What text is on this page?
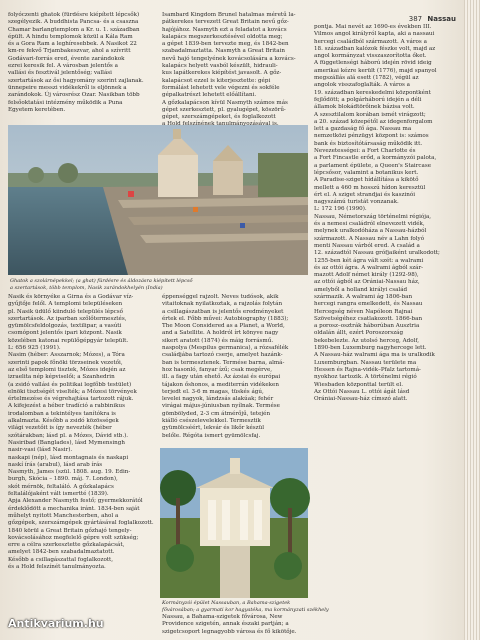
387 Nassau
folyóczenti ghatok (fürdésre kiépített lépcsők)
szegélyezik. A buddhista Pancsa- és a csaszna
Chamar barlangtemplom a Kr. u. 1. században
épült. A hindu templomok közül a Kála Ram
és a Gora Ram a leghíresebbek. A Nasikot 22
km-re fekvő Trjambakeszvar, ahol a szívritt
Godávari-forrás ered, évente zarándokok
ezrei keresik fel. A városban jelentős a
vallási és fesztivál jelentőség; vallási
szertartások az ősi hagyomány szerint zajlanak.
ünnepeire messzi vidékekről is eljönnek a
zarándokok. Új városrész Ozar. Nasikban több
felsőoktatási intézmény működik a Puna
Egyetem keretében.
Ghatok a szolárnépekkel; (a ghat) fürdésre és áldozásra kiépített lépcső
a szertartások, több templom, Nasik zarándokhelyén (India)
Nasik és környéke a Girna és a Godávar víz-
gyűjtője felől. A templomi településeken
pl. Nasik üdülő kiinduló település lépcső
szertartások. Az iparban szőlőtermesztés,
gyümölcsfeldolgozás, textilipar, a vasúti
csomópont jelentős ipari központ. Nasik
közelében katonai repülőgépgyár települt.
L: 656 925 (1991).
Nasim (héber: Asszarnok; Mózes), a Tóra
szerinti papok főnöki törzseinek vezetői,
az első templomi tisztek, Mózes idején az
izraelita nép képviselői; a Szanhedrin
(a zsidó vallási és politikai legfőbb testület)
elnöki tisztségét viselték; a Mózesi törvények
értelmezése és végrehajtása tartozott rájuk.
A kifejezést a héber tradíció a rabbinikus
irodalomban a tekintélyes tanítókra is
alkalmazta. Később a zsidó közösségek
világi vezetőit is így nevezték (héber
szótárakban; lásd pl. a Mózes, Dávid stb.).
Nasiribad (Banglades), lásd Mymensingh
nasir-vasi (lásd Nasir).
naskapi (nép), lásd montagnais és naskapi
naskí írás (arabul), lásd arab írás
Nasmyth, James (szül. 1808. aug. 19. Edin-
burgh, Skócia – 1890. máj. 7. London),
skót mérnök, feltaláló. A gőzkalapács
feltalálójaként vált ismertté (1839).
Apja Alexander Nasmyth festő; gyermekkorától
érdeklődött a mechanika iránt. 1834-ben saját
műhelyt nyitott Manchesterben, ahol a
gőzgépek, szerszámgépek gyártásával foglalkozott.
1840 körül a Great Britain gőzhajó tengely-
kovácsolásához megfelelő gépre volt szükség;
erre a célra szerkesztette gőzkalapácsát,
amelyet 1842-ben szabadalmaztatott.
Később a csillagászattal foglalkozott,
és a Hold felszínét tanulmányozta.
Isambard Kingdom Brunel hatalmas méretű la-
pátkerekes tervezett Great Britain nevű gőz-
hajójához. Nasmyth ezt a feladatot a kovács
kalapács megszerkesztésével oldotta meg;
a gépet 1839-ben tervezte meg, és 1842-ben
szabadalmaztatta. Nasmyth a Great Britain
nevű hajó tengelyének kovácsolására a kovács-
kalapács helyett vasból készült, hidrauli-
kus lapátkerekes kiépítést javasolt. A gőz-
kalapácsot ezzel is kiterjesztette: gépi
formálást lehetett vele végezni és sokféle
gépalkatrészt lehetett előállítani.
A gőzkalapácson kívül Nasmyth számos más
gépet szerkesztett, pl. gyalugépet, köszörű-
gépet, szerszámgépeket, és foglalkozott
a Hold felszínének tanulmányozásával is.
éppenséggel rajzolt. Neves tudósok, akik
vitaitoknak nyilatkoztak, a rajzolás folytán
a csillagászatban is jelentős eredményeket
értek el. Főbb művei: Autobiography (1883);
The Moon Considered as a Planet, a World,
and a Satellite. A holdról írt könyve nagy
sikert aratott (1874) és máig forrásmű.
naspolya (Mespilus germanica), a rózsafélék
családjába tartozó cserje, amelyet hazánk-
ban is termesztenek. Termése barna, almá-
hoz hasonló, fanyar ízű; csak megérve,
ill. a fagy után ehető. Az ázsiai és európai
tájakon őshonos, a mediterrán vidékeken
terjedt el. 3-6 m magas, tüskés ágú,
levelei nagyok, lándzsás alakúak; fehér
virágai május-júniusban nyílnak. Termése
gömbölyded, 2-3 cm átmérőjű, tetején
kiálló csészelevelekkel. Termesztik
gyümölcséért, lekvár és likőr készül
belőle. Régóta ismert gyümölcsfaj.
Kormányzói épület Nassauban, a Bahama-szigetek
fővárosában; a gyarmati kor hagyatéka, ma kormányzati székhely
Nassau, a Bahama-szigetek fővárosa, New
Providence szigetén, annak északi partján; a
szigetcsoport legnagyobb városa és fő kikötője.
pontja. Mai nevét az 1690-es években III.
Vilmos angol királyról kapta, aki a nassaui
hercegi családból származott. A város a
18. században kalózok fészke volt, majd az
angol kormányzat visszaszorította őket.
A függetlenségi háború idején rövid ideig
amerikai kézre került (1776), majd spanyol
megszállás alá esett (1782), végül az
angolok visszafoglalták. A város a
19. században kereskedelmi központként
fejlődött; a polgárháború idején a déli
államok blokádtörőinek bázisa volt.
A szesztilalom korában ismét virágzott;
a 20. század közepétől az idegenforgalom
lett a gazdaság fő ága. Nassau ma
nemzetközi pénzügyi központ is: számos
bank és biztosítótársaság működik itt.
Nevezetességei: a Fort Charlotte és
a Fort Fincastle erőd, a kormányzói palota,
a parlament épülete, a Queen's Staircase
lépcsősor, valamint a botanikus kert.
A Paradise-sziget hídállítása a kikötő
mellett a 460 m hosszú hídon keresztül
ért el. A sziget strandjai és kaszinói
nagyszámú turistát vonzanak.
L: 172 196 (1990).
Nassau, Németország történelmi régiója,
és a nemesi családról elnevezett vidék,
melynek uralkodóháza a Nassau-házból
származott. A Nassau név a Lahn folyó
menti Nassau várból ered. A család a
12. századtól Nassau grófjaiként uralkodott;
1255-ben két ágra vált szét: a walrami
és az ottói ágra. A walrami ágból szár-
mazott Adolf német király (1292-98),
az ottói ágból az Orániai-Nassau ház,
amelyből a holland királyi család
származik. A walrami ág 1806-ban
hercegi rangra emelkedett, és Nassau
Hercegség néven Napóleon Rajnai
Szövetségéhez csatlakozott. 1866-ban
a porosz–osztrák háborúban Ausztria
oldalán állt, ezért Poroszország
bekebelezte. Az utolsó herceg, Adolf,
1890-ben Luxemburg nagyhercege lett.
A Nassau-ház walrami ága ma is uralkodik
Luxemburgban. Nassau területe ma
Hessen és Rajna-vidék–Pfalz tartomá-
nyokhoz tartozik. A történelmi régió
Wiesbaden központtal terült el.
Az Ottói Nassau L. ottói ágát lásd
Orániai-Nassau-ház címszó alatt.
Antikvarium.hu
